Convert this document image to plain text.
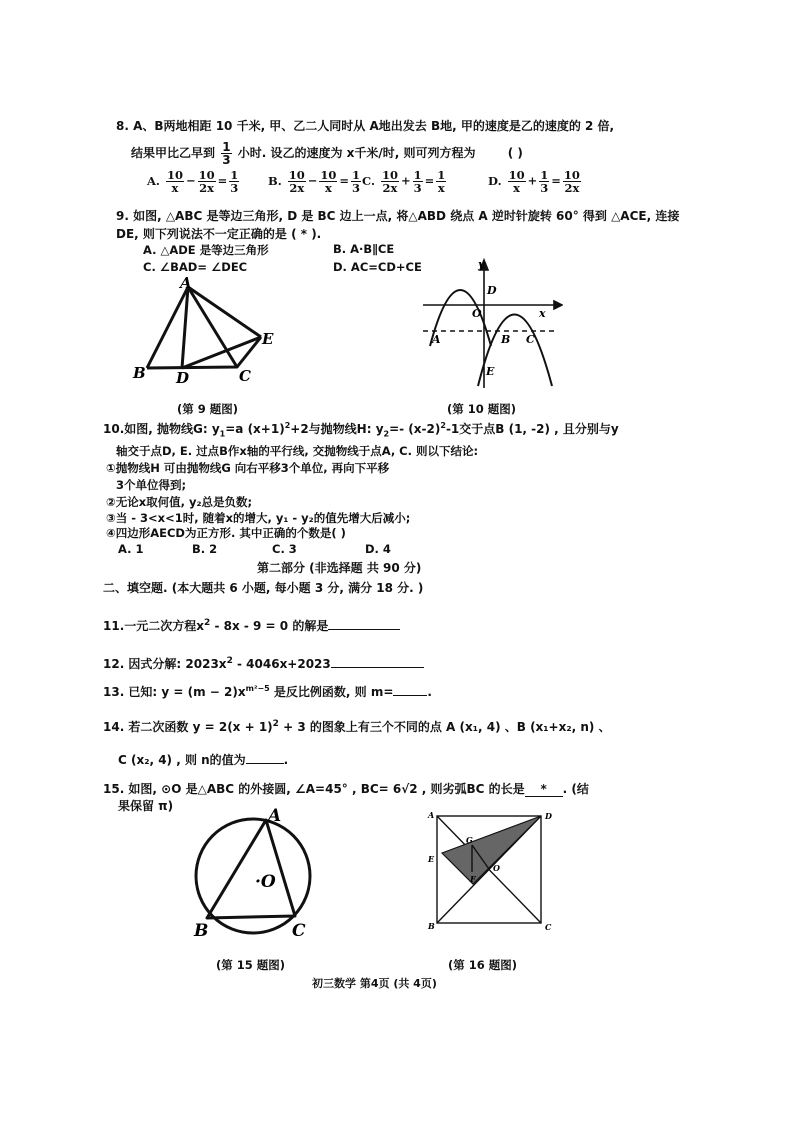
8. A、B两地相距 10 千米, 甲、乙二人同时从 A地出发去 B地, 甲的速度是乙的速度的 2 倍,
结果甲比乙早到 $\frac{1}{3}$ 小时. 设乙的速度为 x千米/时, 则可列方程为	( )
A. $\frac{10}{x} - \frac{10}{2x} = \frac{1}{3} B$. $\frac{10}{2x} - \frac{10}{x} = \frac{1}{3} C$. $\frac{10}{2x} + \frac{1}{3} = \frac{1}{x}$	D. $\frac{10}{x} + \frac{1}{3} = \frac{10}{2x}$
9. 如图, △ABC 是等边三角形, D 是 BC 边上一点, 将△ABD 绕点 A 逆时针旋转 60° 得到 △ACE, 连接
DE, 则下列说法不一定正确的是 ( * ).
A. △ADE 是等边三角形	B. A·B∥CE
C. ∠BAD= ∠DEC	D. AC=CD+CE
A
B D	C
E
(第 9 题图)
y
x
O
D
A	B C
E
(第 10 题图)
10.如图, 抛物线G: $y_1=a$ $(x+1)^2+2$与抛物线H: $y_2=-$ $(x-2)^2-1$交于点B (1, -2) , 且分别与y
轴交于点D, E. 过点B作x轴的平行线, 交抛物线于点A, C. 则以下结论:
①抛物线H 可由抛物线G 向右平移3个单位, 再向下平移
3个单位得到;
②无论x取何值, y₂总是负数;
③当 - 3<x<1时, 随着x的增大, y₁ - y₂的值先增大后减小;
④四边形AECD为正方形. 其中正确的个数是( )
A. 1	B. 2	C. 3	D. 4
第二部分 (非选择题 共 90 分)
二、填空题. (本大题共 6 小题, 每小题 3 分, 满分 18 分. )
11.一元二次方程$x^2 - 8x - 9 = 0$ 的解是
12. 因式分解: $2023x^2 - 4046x+2023$
13. 已知: $y = (m - 2)x^{m^2-5}$ 是反比例函数, 则 m=	.
14. 若二次函数 $y = 2(x + 1)^2 + 3$ 的图象上有三个不同的点 A (x₁, 4) 、B (x₁+x₂, n) 、
C (x₂, 4) , 则 n的值为	.
15. 如图, ⊙O 是△ABC 的外接圆, ∠A=45° , BC= 6√2 , 则劣弧BC 的长是 * . (结
果保留 π)	A
·O
B	C
(第 15 题图)
A	D
E
G
O
F
B	C
(第 16 题图)
初三数学 第4页 (共 4页)
